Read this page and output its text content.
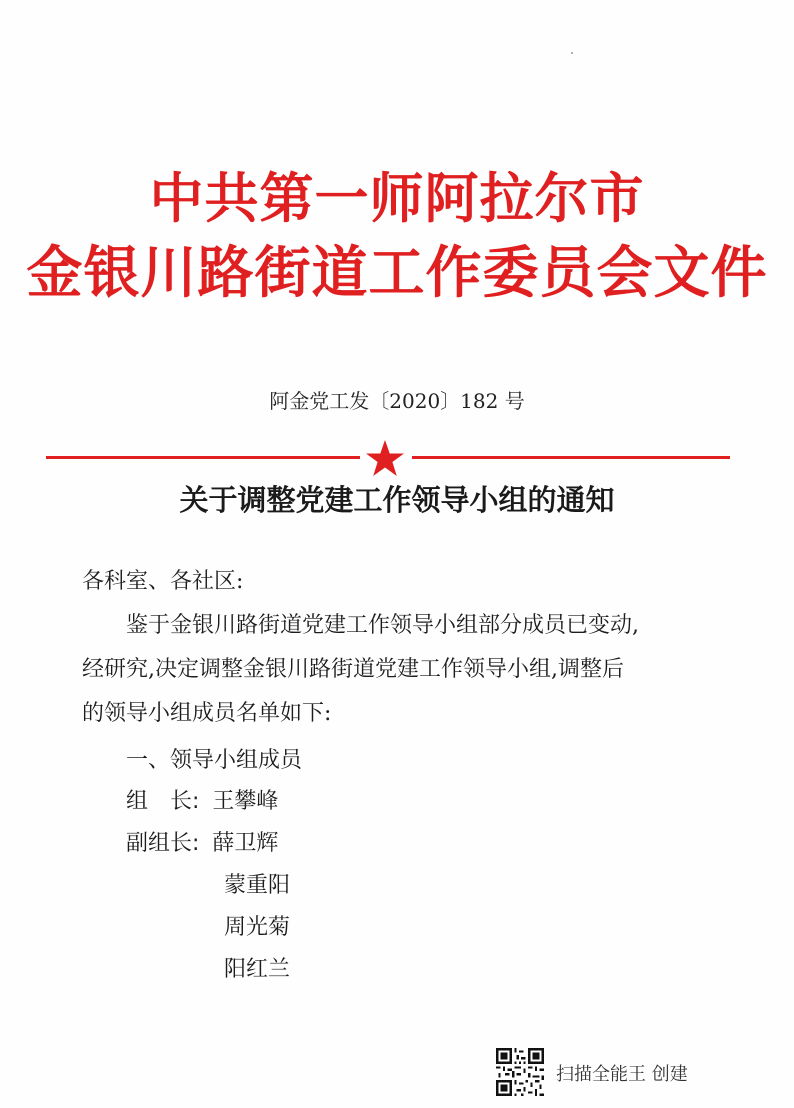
中共第一师阿拉尔市
金银川路街道工作委员会文件
阿金党工发〔2020〕182 号
关于调整党建工作领导小组的通知
各科室、各社区:
鉴于金银川路街道党建工作领导小组部分成员已变动,
经研究,决定调整金银川路街道党建工作领导小组,调整后
的领导小组成员名单如下:
一、领导小组成员
组　长: 王攀峰
副组长: 薛卫辉
蒙重阳
周光菊
阳红兰
扫描全能王 创建
